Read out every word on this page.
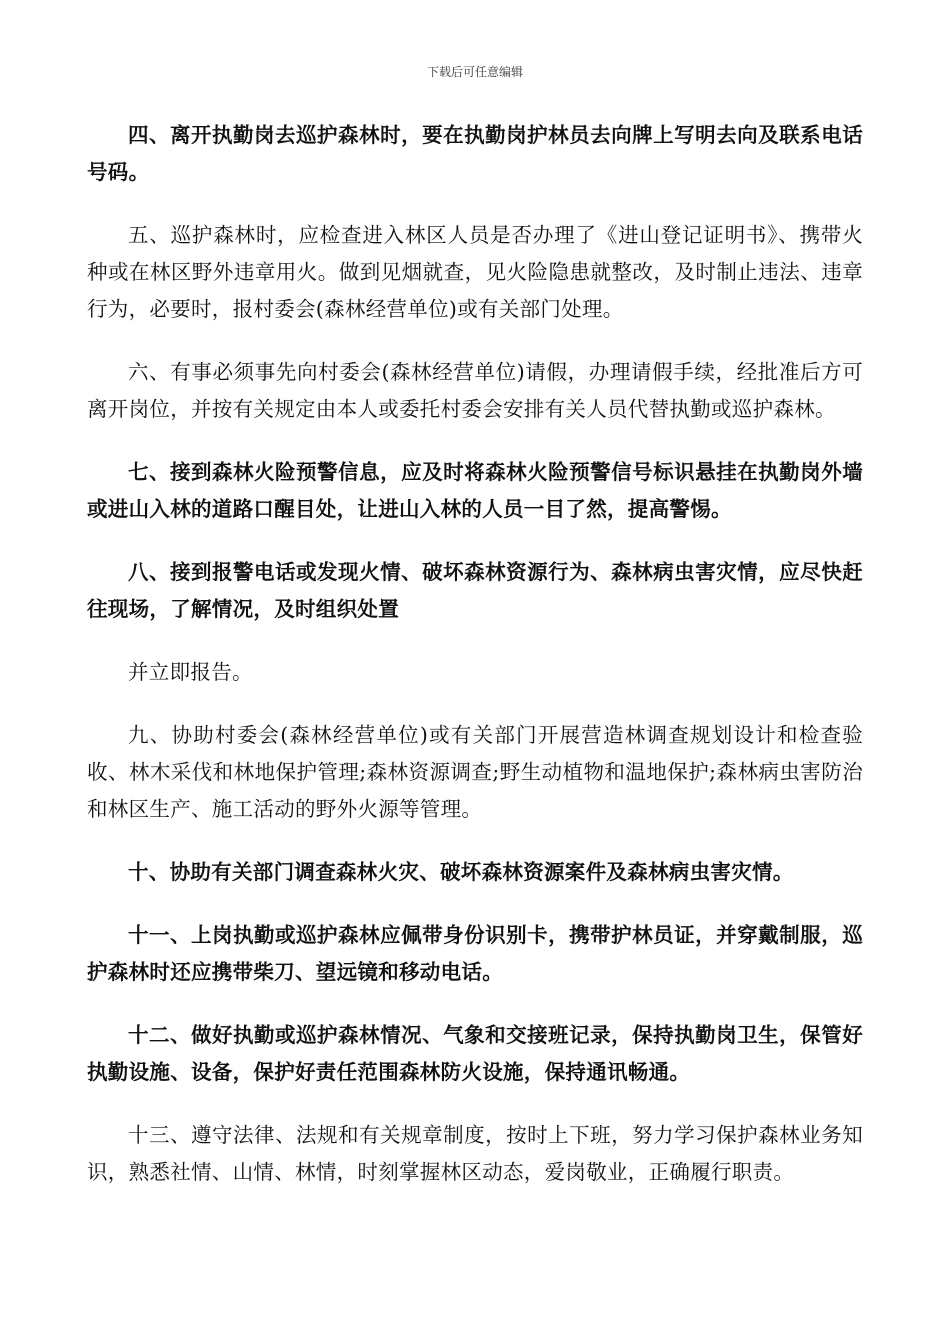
下载后可任意编辑

四、离开执勤岗去巡护森林时，要在执勤岗护林员去向牌上写明去向及联系电话号码。

五、巡护森林时，应检查进入林区人员是否办理了《进山登记证明书》、携带火种或在林区野外违章用火。做到见烟就查，见火险隐患就整改，及时制止违法、违章行为，必要时，报村委会(森林经营单位)或有关部门处理。

六、有事必须事先向村委会(森林经营单位)请假，办理请假手续，经批准后方可离开岗位，并按有关规定由本人或委托村委会安排有关人员代替执勤或巡护森林。

七、接到森林火险预警信息，应及时将森林火险预警信号标识悬挂在执勤岗外墙或进山入林的道路口醒目处，让进山入林的人员一目了然，提高警惕。

八、接到报警电话或发现火情、破坏森林资源行为、森林病虫害灾情，应尽快赶往现场，了解情况，及时组织处置

并立即报告。

九、协助村委会(森林经营单位)或有关部门开展营造林调查规划设计和检查验收、林木采伐和林地保护管理;森林资源调查;野生动植物和温地保护;森林病虫害防治和林区生产、施工活动的野外火源等管理。

十、协助有关部门调查森林火灾、破坏森林资源案件及森林病虫害灾情。

十一、上岗执勤或巡护森林应佩带身份识别卡，携带护林员证，并穿戴制服，巡护森林时还应携带柴刀、望远镜和移动电话。

十二、做好执勤或巡护森林情况、气象和交接班记录，保持执勤岗卫生，保管好执勤设施、设备，保护好责任范围森林防火设施，保持通讯畅通。

十三、遵守法律、法规和有关规章制度，按时上下班，努力学习保护森林业务知识，熟悉社情、山情、林情，时刻掌握林区动态，爱岗敬业，正确履行职责。
